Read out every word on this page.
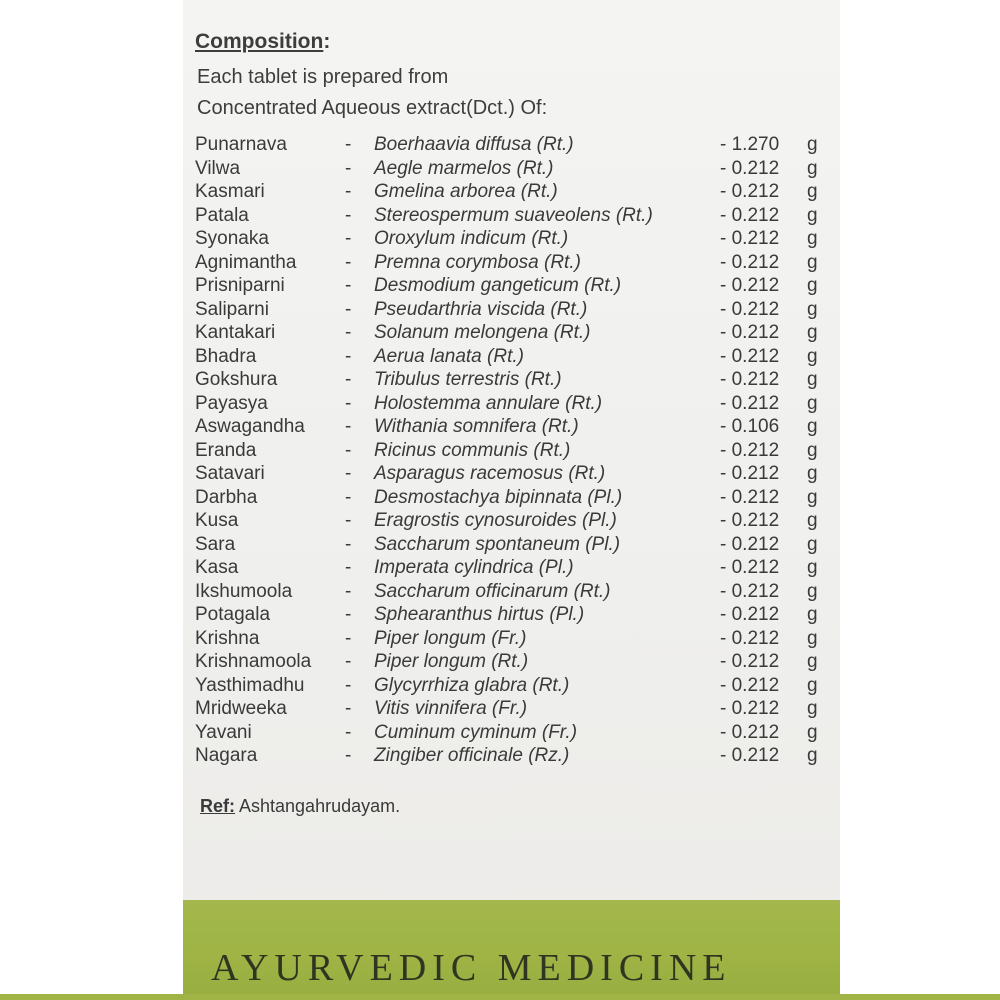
Composition:
Each tablet is prepared from
Concentrated Aqueous extract(Dct.) Of:
Punarnava	- Boerhaavia diffusa (Rt.)	- 1.270 g
Vilwa	- Aegle marmelos (Rt.)	- 0.212 g
Kasmari	- Gmelina arborea (Rt.)	- 0.212 g
Patala	- Stereospermum suaveolens (Rt.)	- 0.212 g
Syonaka	- Oroxylum indicum (Rt.)	- 0.212 g
Agnimantha	- Premna corymbosa (Rt.)	- 0.212 g
Prisniparni	- Desmodium gangeticum (Rt.)	- 0.212 g
Saliparni	- Pseudarthria viscida (Rt.)	- 0.212 g
Kantakari	- Solanum melongena (Rt.)	- 0.212 g
Bhadra	- Aerua lanata (Rt.)	- 0.212 g
Gokshura	- Tribulus terrestris (Rt.)	- 0.212 g
Payasya	- Holostemma annulare (Rt.)	- 0.212 g
Aswagandha - Withania somnifera (Rt.)	- 0.106 g
Eranda	- Ricinus communis (Rt.)	- 0.212 g
Satavari	- Asparagus racemosus (Rt.)	- 0.212 g
Darbha	- Desmostachya bipinnata (Pl.)	- 0.212 g
Kusa	- Eragrostis cynosuroides (Pl.)	- 0.212 g
Sara	- Saccharum spontaneum (Pl.)	- 0.212 g
Kasa	- Imperata cylindrica (Pl.)	- 0.212 g
Ikshumoola	- Saccharum officinarum (Rt.)	- 0.212 g
Potagala	- Sphearanthus hirtus (Pl.)	- 0.212 g
Krishna	- Piper longum (Fr.)	- 0.212 g
Krishnamoola - Piper longum (Rt.)	- 0.212 g
Yasthimadhu - Glycyrrhiza glabra (Rt.)	- 0.212 g
Mridweeka	- Vitis vinnifera (Fr.)	- 0.212 g
Yavani	- Cuminum cyminum (Fr.)	- 0.212 g
Nagara	- Zingiber officinale (Rz.)	- 0.212 g
Ref: Ashtangahrudayam.
AYURVEDIC MEDICINE
